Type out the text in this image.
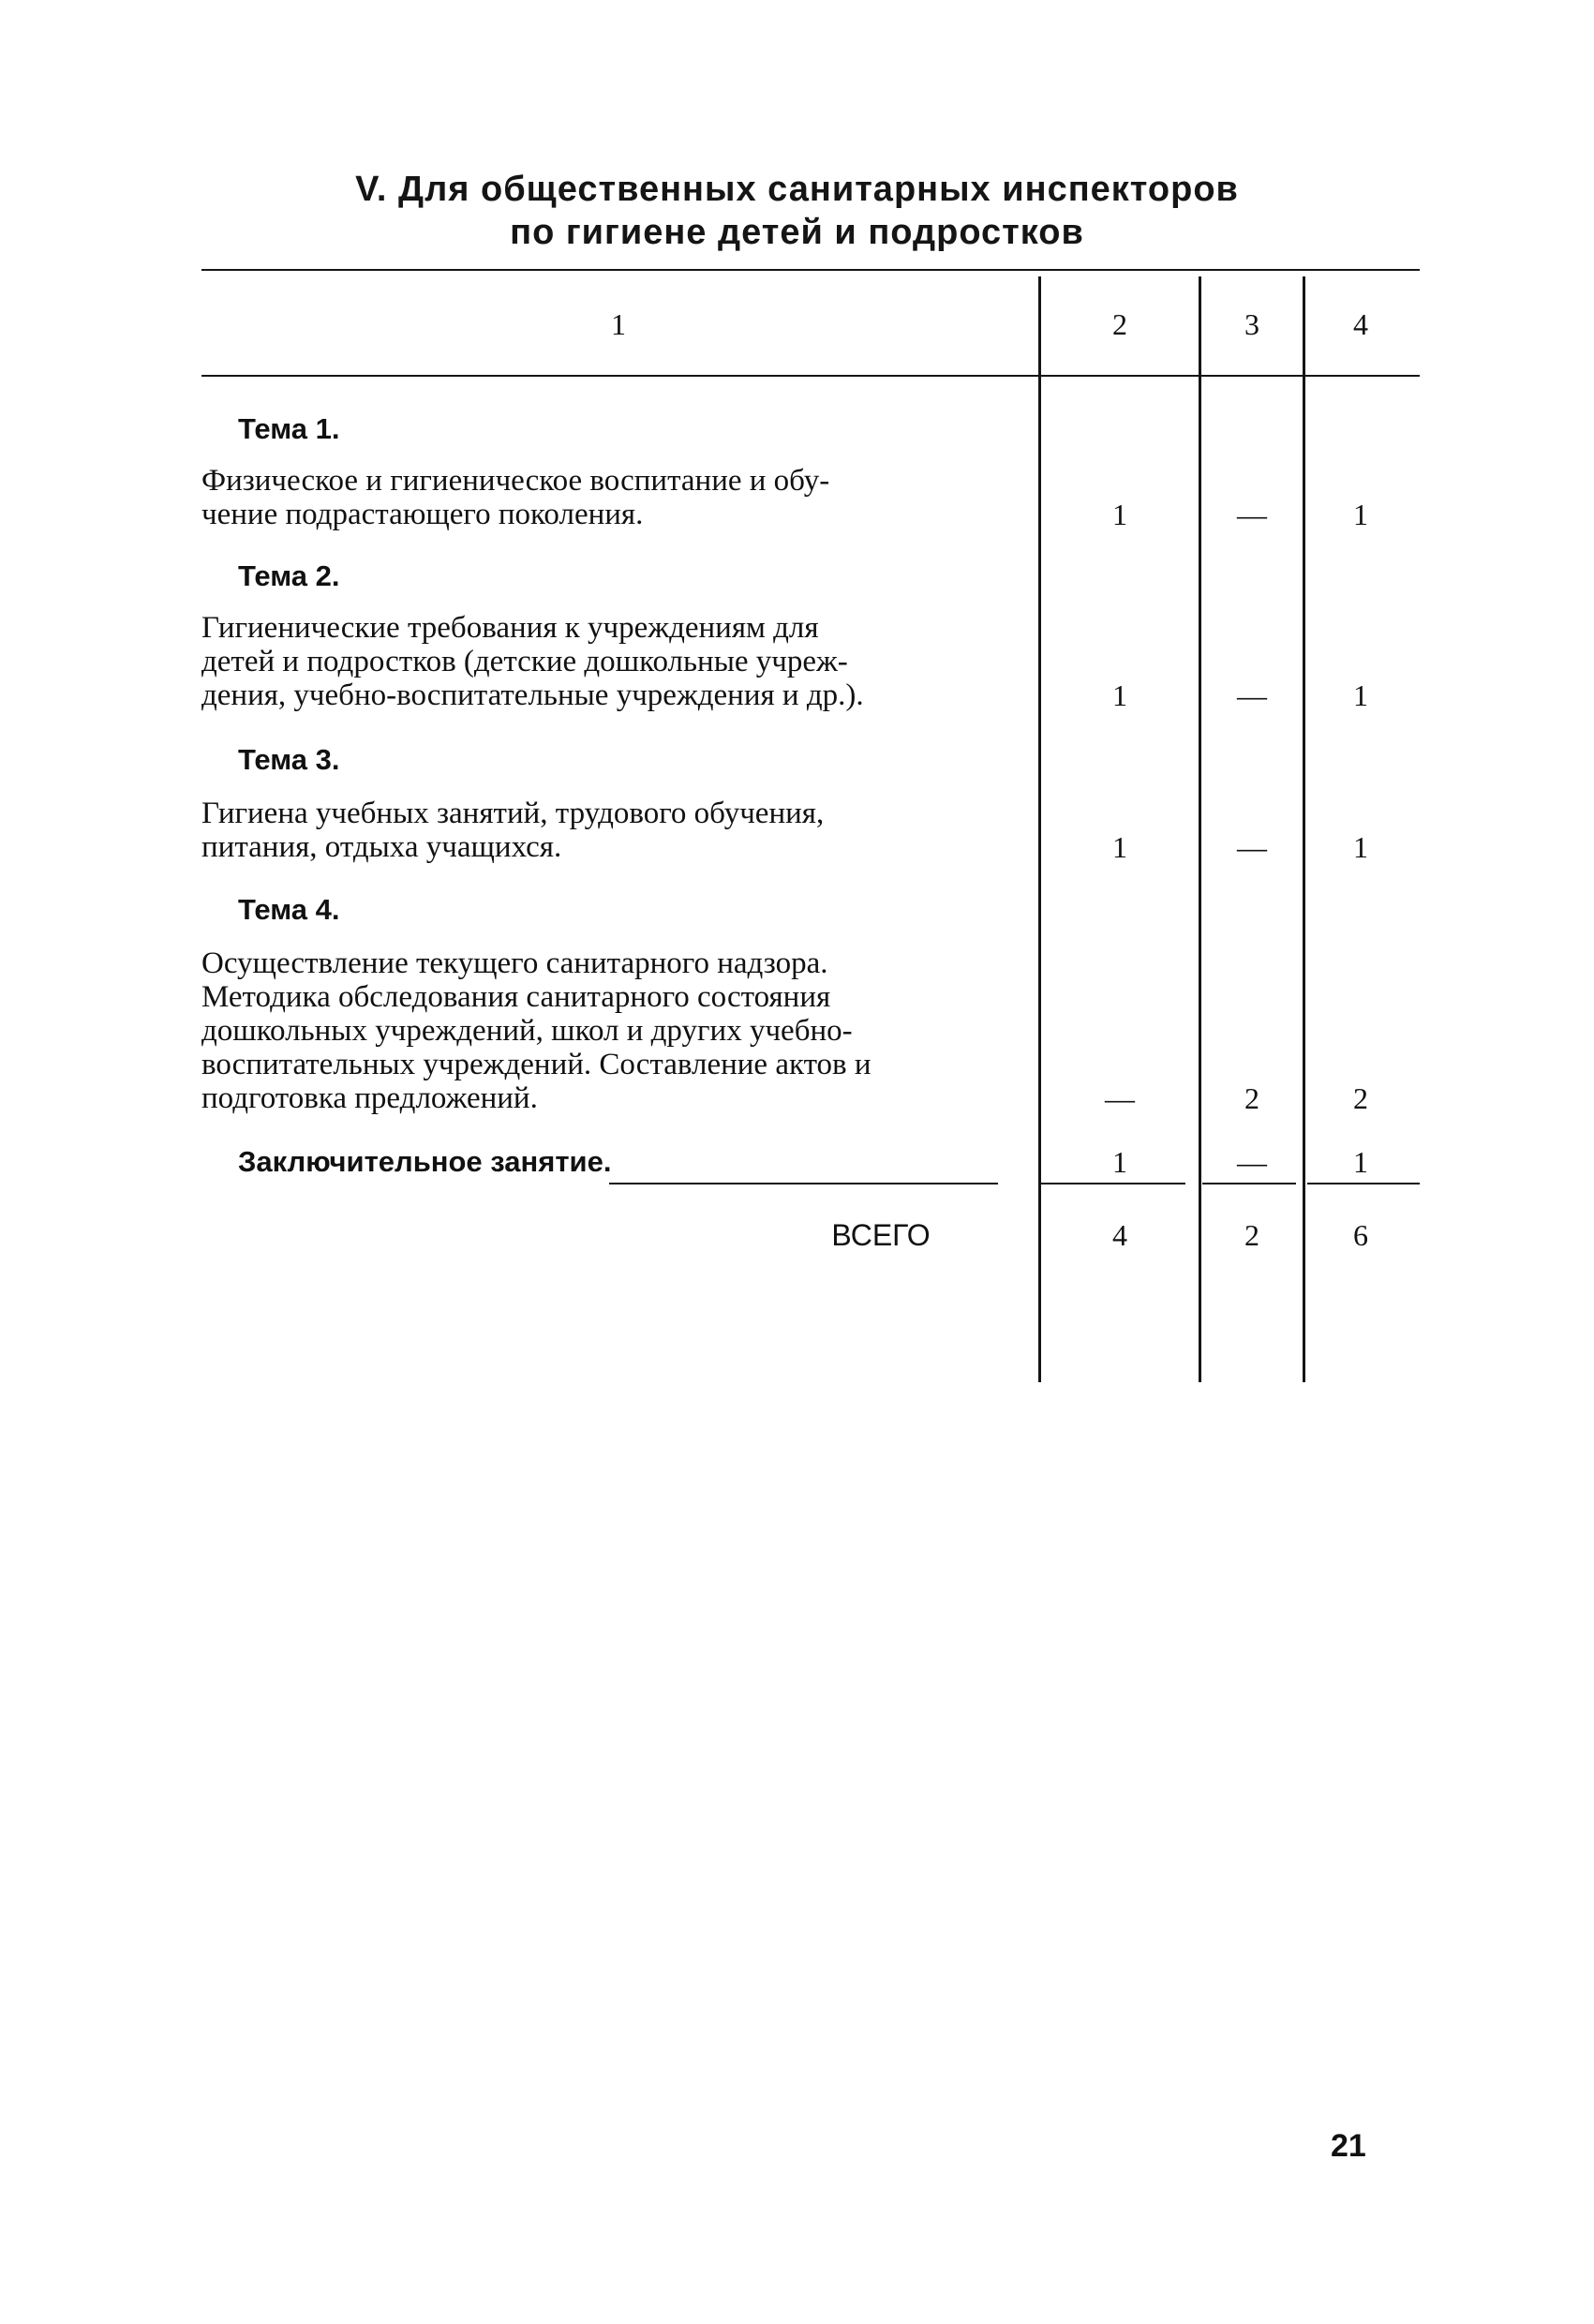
V. Для общественных санитарных инспекторов
по гигиене детей и подростков
1	2	3	4
Тема 1.
Физическое и гигиеническое воспитание и обу-
чение подрастающего поколения.	1	—	1
Тема 2.
Гигиенические требования к учреждениям для
детей и подростков (детские дошкольные учреж-
дения, учебно-воспитательные учреждения и др.).	1	—	1
Тема 3.
Гигиена учебных занятий, трудового обучения,
питания, отдыха учащихся.	1	—	1
Тема 4.
Осуществление текущего санитарного надзора.
Методика обследования санитарного состояния
дошкольных учреждений, школ и других учебно-
воспитательных учреждений. Составление актов и
подготовка предложений.	—	2	2
Заключительное занятие.	1	—	1
ВСЕГО	4	2	6
21
